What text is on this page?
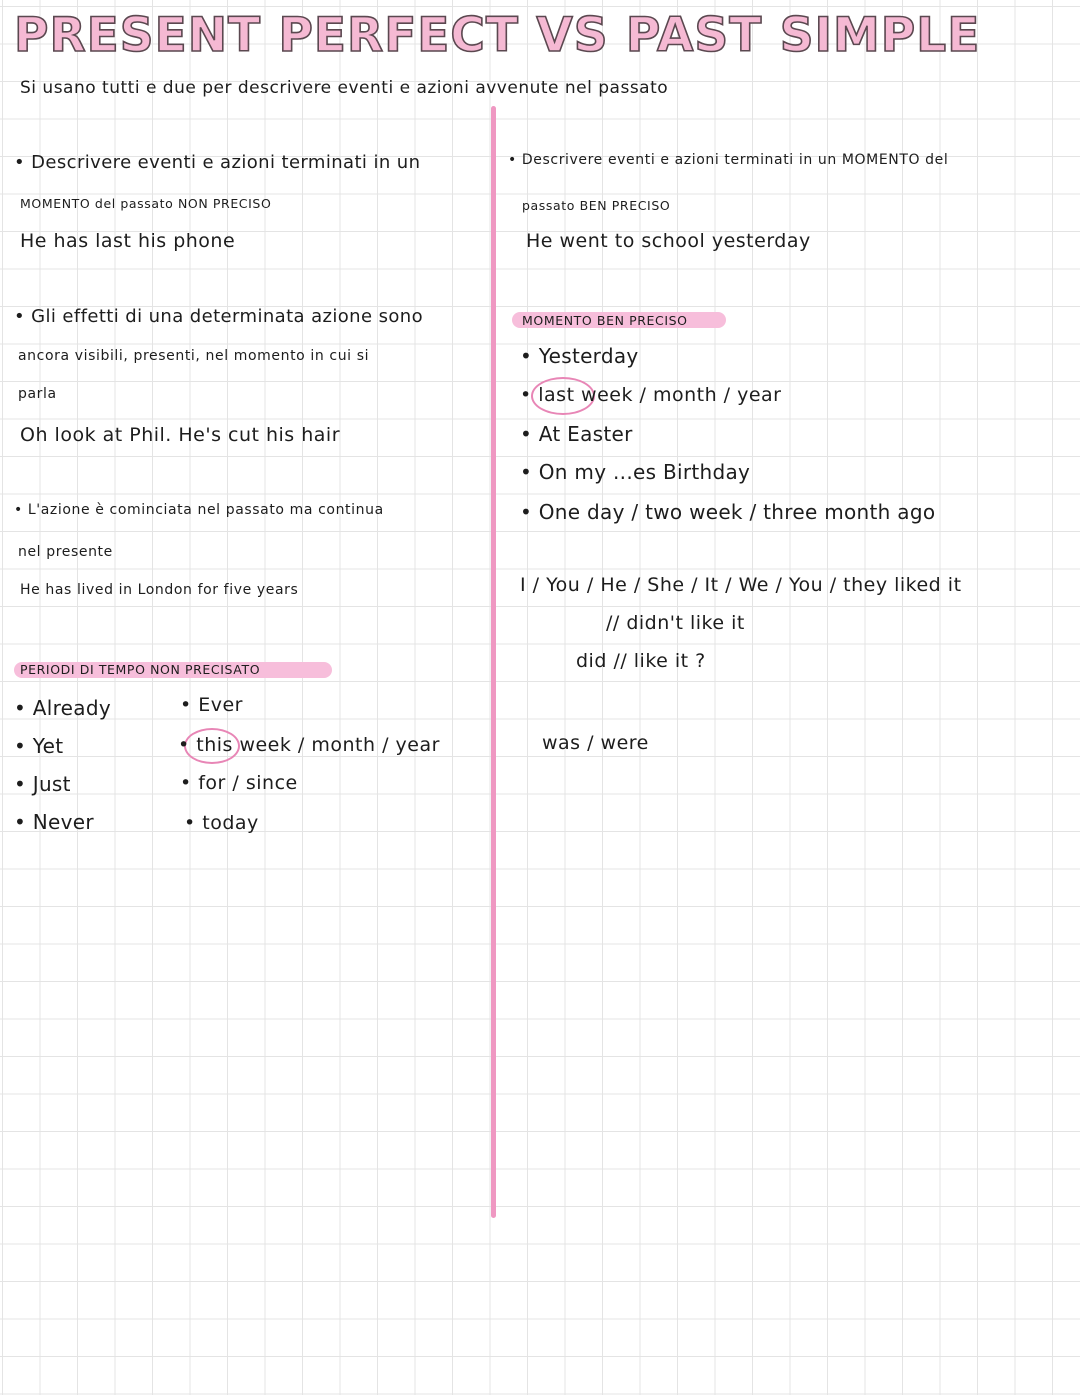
PRESENT PERFECT VS PAST SIMPLE
Si usano tutti e due per descrivere eventi e azioni avvenute nel passato
• Descrivere eventi e azioni terminati in un
MOMENTO del passato NON PRECISO
He has last his phone
• Gli effetti di una determinata azione sono
ancora visibili, presenti, nel momento in cui si
parla
Oh look at Phil. He's cut his hair
• L'azione è cominciata nel passato ma continua
nel presente
He has lived in London for five years
PERIODI DI TEMPO NON PRECISATO
• Already
• Yet
• Just
• Never
• Ever
• this week / month / year
• for / since
• today
• Descrivere eventi e azioni terminati in un MOMENTO del
passato BEN PRECISO
He went to school yesterday
MOMENTO BEN PRECISO
• Yesterday
• last week / month / year
• At Easter
• On my ...es Birthday
• One day / two week / three month ago
I / You / He / She / It / We / You / they liked it
// didn't like it
did // like it ?
was / were
